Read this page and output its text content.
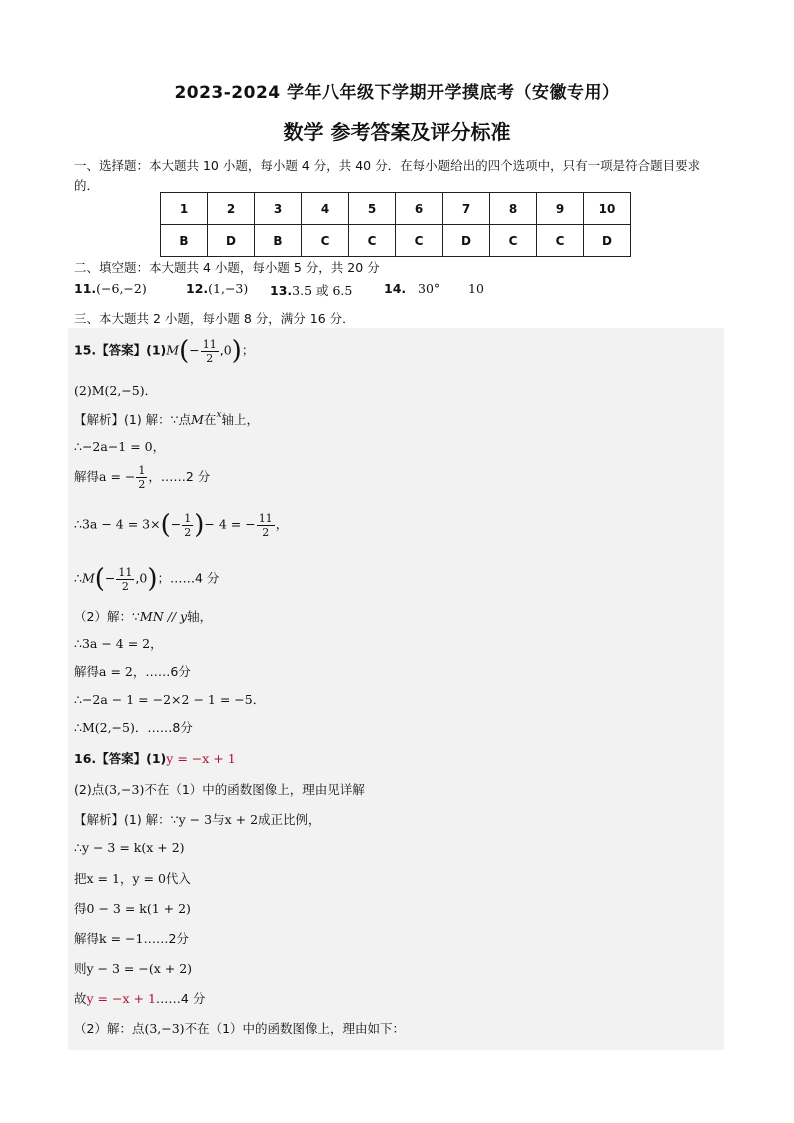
2023-2024 学年八年级下学期开学摸底考（安徽专用）
数学 参考答案及评分标准
一、选择题：本大题共 10 小题，每小题 4 分，共 40 分．在每小题给出的四个选项中，只有一项是符合题目要求的．
1	2	3	4	5	6	7	8	9	10
B	D	B	C	C	C	D	C	C	D
二、填空题：本大题共 4 小题，每小题 5 分，共 20 分
11.(−6,−2)	12.(1,−3) 13.3.5 或 6.5	14. 30° 10
三、本大题共 2 小题，每小题 8 分，满分 16 分．
15.【答案】$(1)M(- \frac{11}{2} ,0)$；
(2)M(2,−5)．
【解析】(1) 解：∵点M在$^x$轴上，
∴−2a−1 = 0，
解得a = − $\frac{1}{2}$ ，……2 分
∴3a − $4 = 3\times(- \frac{1}{2}$ )− 4 = − $\frac{11}{2}$ ，
∴M(− $\frac{11}{2} ,0$)；……4 分
（2）解：∵MN // y轴，
∴3a − 4 = 2，
解得a = 2，……6分
∴−2a − 1 = −2×2 − 1 = −5．
∴M(2,−5)．……8分
16.【答案】(1)y = −x + 1
(2)点(3,−3)不在（1）中的函数图像上，理由见详解
【解析】(1) 解：∵y − 3与x + 2成正比例，
∴y − 3 = k(x + 2)
把x = 1，y = 0代入
得0 − 3 = k(1 + 2)
解得k = −1……2分
则y − 3 = −(x + 2)
故y = −x + 1……4 分
（2）解：点(3,−3)不在（1）中的函数图像上，理由如下：
